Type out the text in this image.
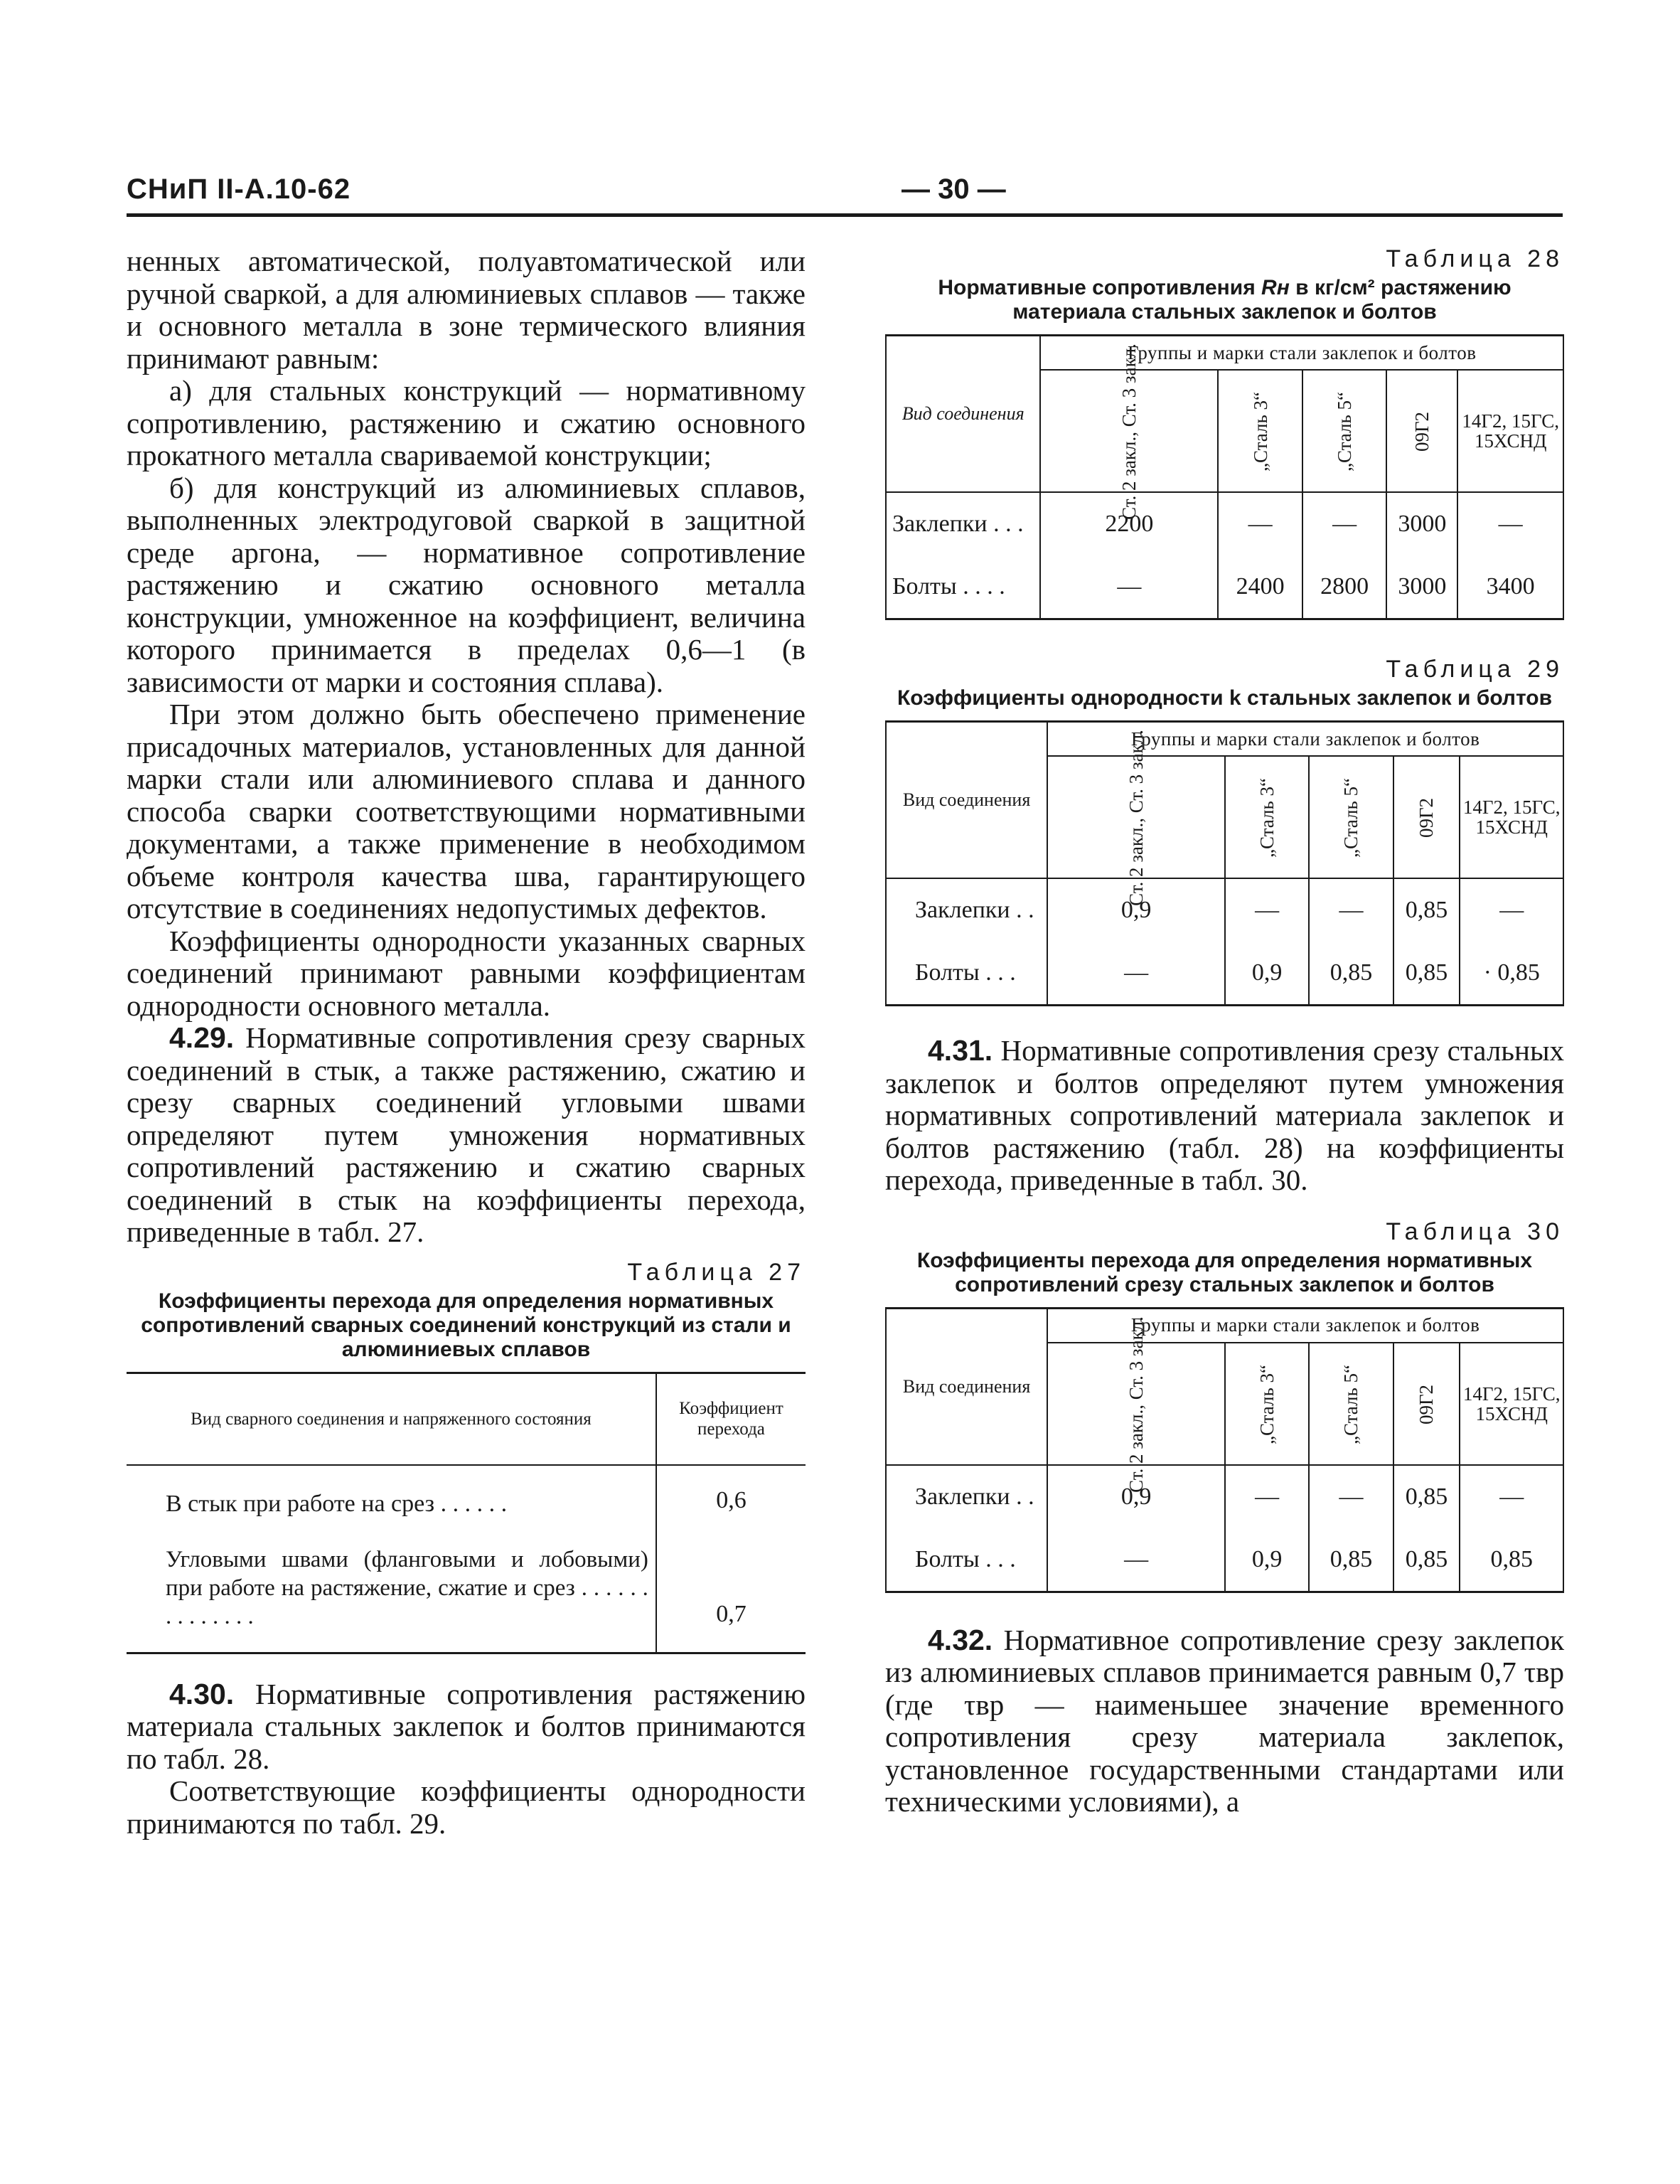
СНиП II-А.10-62	— 30 —

ненных автоматической, полуавтоматической или ручной сваркой, а для алюминиевых сплавов — также и основного металла в зоне термического влияния принимают равным:

а) для стальных конструкций — нормативному сопротивлению, растяжению и сжатию основного прокатного металла свариваемой конструкции;

б) для конструкций из алюминиевых сплавов, выполненных электродуговой сваркой в защитной среде аргона, — нормативное сопротивление растяжению и сжатию основного металла конструкции, умноженное на коэффициент, величина которого принимается в пределах 0,6—1 (в зависимости от марки и состояния сплава).

При этом должно быть обеспечено применение присадочных материалов, установленных для данной марки стали или алюминиевого сплава и данного способа сварки соответствующими нормативными документами, а также применение в необходимом объеме контроля качества шва, гарантирующего отсутствие в соединениях недопустимых дефектов.

Коэффициенты однородности указанных сварных соединений принимают равными коэффициентам однородности основного металла.

4.29. Нормативные сопротивления срезу сварных соединений в стык, а также растяжению, сжатию и срезу сварных соединений угловыми швами определяют путем умножения нормативных сопротивлений растяжению и сжатию сварных соединений в стык на коэффициенты перехода, приведенные в табл. 27.

Таблица 27

Коэффициенты перехода для определения нормативных сопротивлений сварных соединений конструкций из стали и алюминиевых сплавов

Вид сварного соединения и напряженного состояния	Коэффициент перехода
В стык при работе на срез . . . . . .	0,6
Угловыми швами (фланговыми и лобовыми) при работе на растяжение, сжатие и срез . . . . . . . . . . . . . .	0,7

4.30. Нормативные сопротивления растяжению материала стальных заклепок и болтов принимаются по табл. 28.

Соответствующие коэффициенты однородности принимаются по табл. 29.

Таблица 28

Нормативные сопротивления Rн в кг/см² растяжению материала стальных заклепок и болтов

Вид соединения	Группы и марки стали заклепок и болтов				
	Ст. 2 закл., Ст. 3 закл.	„Сталь 3“	„Сталь 5“	09Г2	14Г2, 15ГС, 15ХСНД
Заклепки . . .	2200	—	—	3000	—
Болты . . . .	—	2400	2800	3000	3400

Таблица 29

Коэффициенты однородности k стальных заклепок и болтов

Вид соединения	Группы и марки стали заклепок и болтов				
	Ст. 2 закл., Ст. 3 закл.	„Сталь 3“	„Сталь 5“	09Г2	14Г2, 15ГС, 15ХСНД
Заклепки . .	0,9	—	—	0,85	—
Болты . . .	—	0,9	0,85	0,85	· 0,85

4.31. Нормативные сопротивления срезу стальных заклепок и болтов определяют путем умножения нормативных сопротивлений материала заклепок и болтов растяжению (табл. 28) на коэффициенты перехода, приведенные в табл. 30.

Таблица 30

Коэффициенты перехода для определения нормативных сопротивлений срезу стальных заклепок и болтов

Вид соединения	Группы и марки стали заклепок и болтов				
	Ст. 2 закл., Ст. 3 закл.	„Сталь 3“	„Сталь 5“	09Г2	14Г2, 15ГС, 15ХСНД
Заклепки . .	0,9	—	—	0,85	—
Болты . . .	—	0,9	0,85	0,85	0,85

4.32. Нормативное сопротивление срезу заклепок из алюминиевых сплавов принимается равным 0,7 τвр (где τвр — наименьшее значение временного сопротивления срезу материала заклепок, установленное государственными стандартами или техническими условиями), а
